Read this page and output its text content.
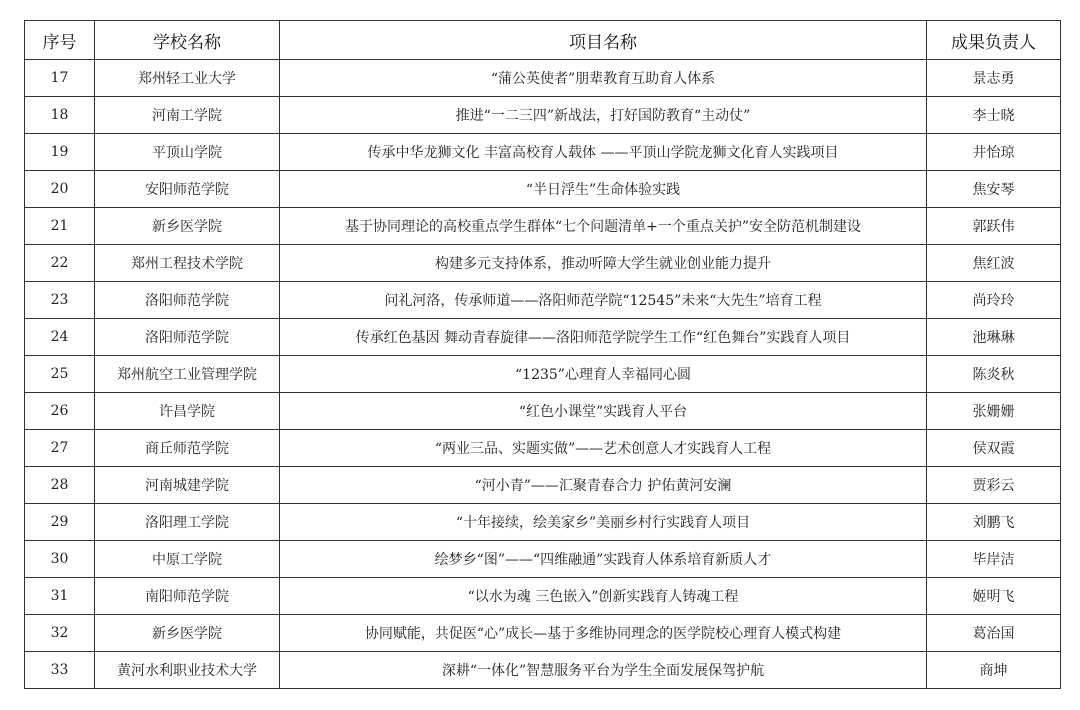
序号	学校名称	项目名称	成果负责人
17	郑州轻工业大学	“蒲公英使者”朋辈教育互助育人体系	景志勇
18	河南工学院	推进“一二三四”新战法，打好国防教育“主动仗”	李士晓
19	平顶山学院	传承中华龙狮文化 丰富高校育人载体 ——平顶山学院龙狮文化育人实践项目	井怡琼
20	安阳师范学院	“半日浮生”生命体验实践	焦安琴
21	新乡医学院	基于协同理论的高校重点学生群体“七个问题清单+一个重点关护”安全防范机制建设	郭跃伟
22	郑州工程技术学院	构建多元支持体系，推动听障大学生就业创业能力提升	焦红波
23	洛阳师范学院	问礼河洛，传承师道——洛阳师范学院“12545”未来“大先生”培育工程	尚玲玲
24	洛阳师范学院	传承红色基因 舞动青春旋律——洛阳师范学院学生工作“红色舞台”实践育人项目	池琳琳
25	郑州航空工业管理学院	“1235”心理育人幸福同心圆	陈炎秋
26	许昌学院	“红色小课堂”实践育人平台	张姗姗
27	商丘师范学院	“两业三品、实题实做”——艺术创意人才实践育人工程	侯双霞
28	河南城建学院	“河小青”——汇聚青春合力 护佑黄河安澜	贾彩云
29	洛阳理工学院	“十年接续，绘美家乡”美丽乡村行实践育人项目	刘鹏飞
30	中原工学院	绘梦乡“图”——“四维融通”实践育人体系培育新质人才	毕岸洁
31	南阳师范学院	“以水为魂 三色嵌入”创新实践育人铸魂工程	姬明飞
32	新乡医学院	协同赋能，共促医“心”成长—基于多维协同理念的医学院校心理育人模式构建	葛治国
33	黄河水利职业技术大学	深耕“一体化”智慧服务平台为学生全面发展保驾护航	商坤
